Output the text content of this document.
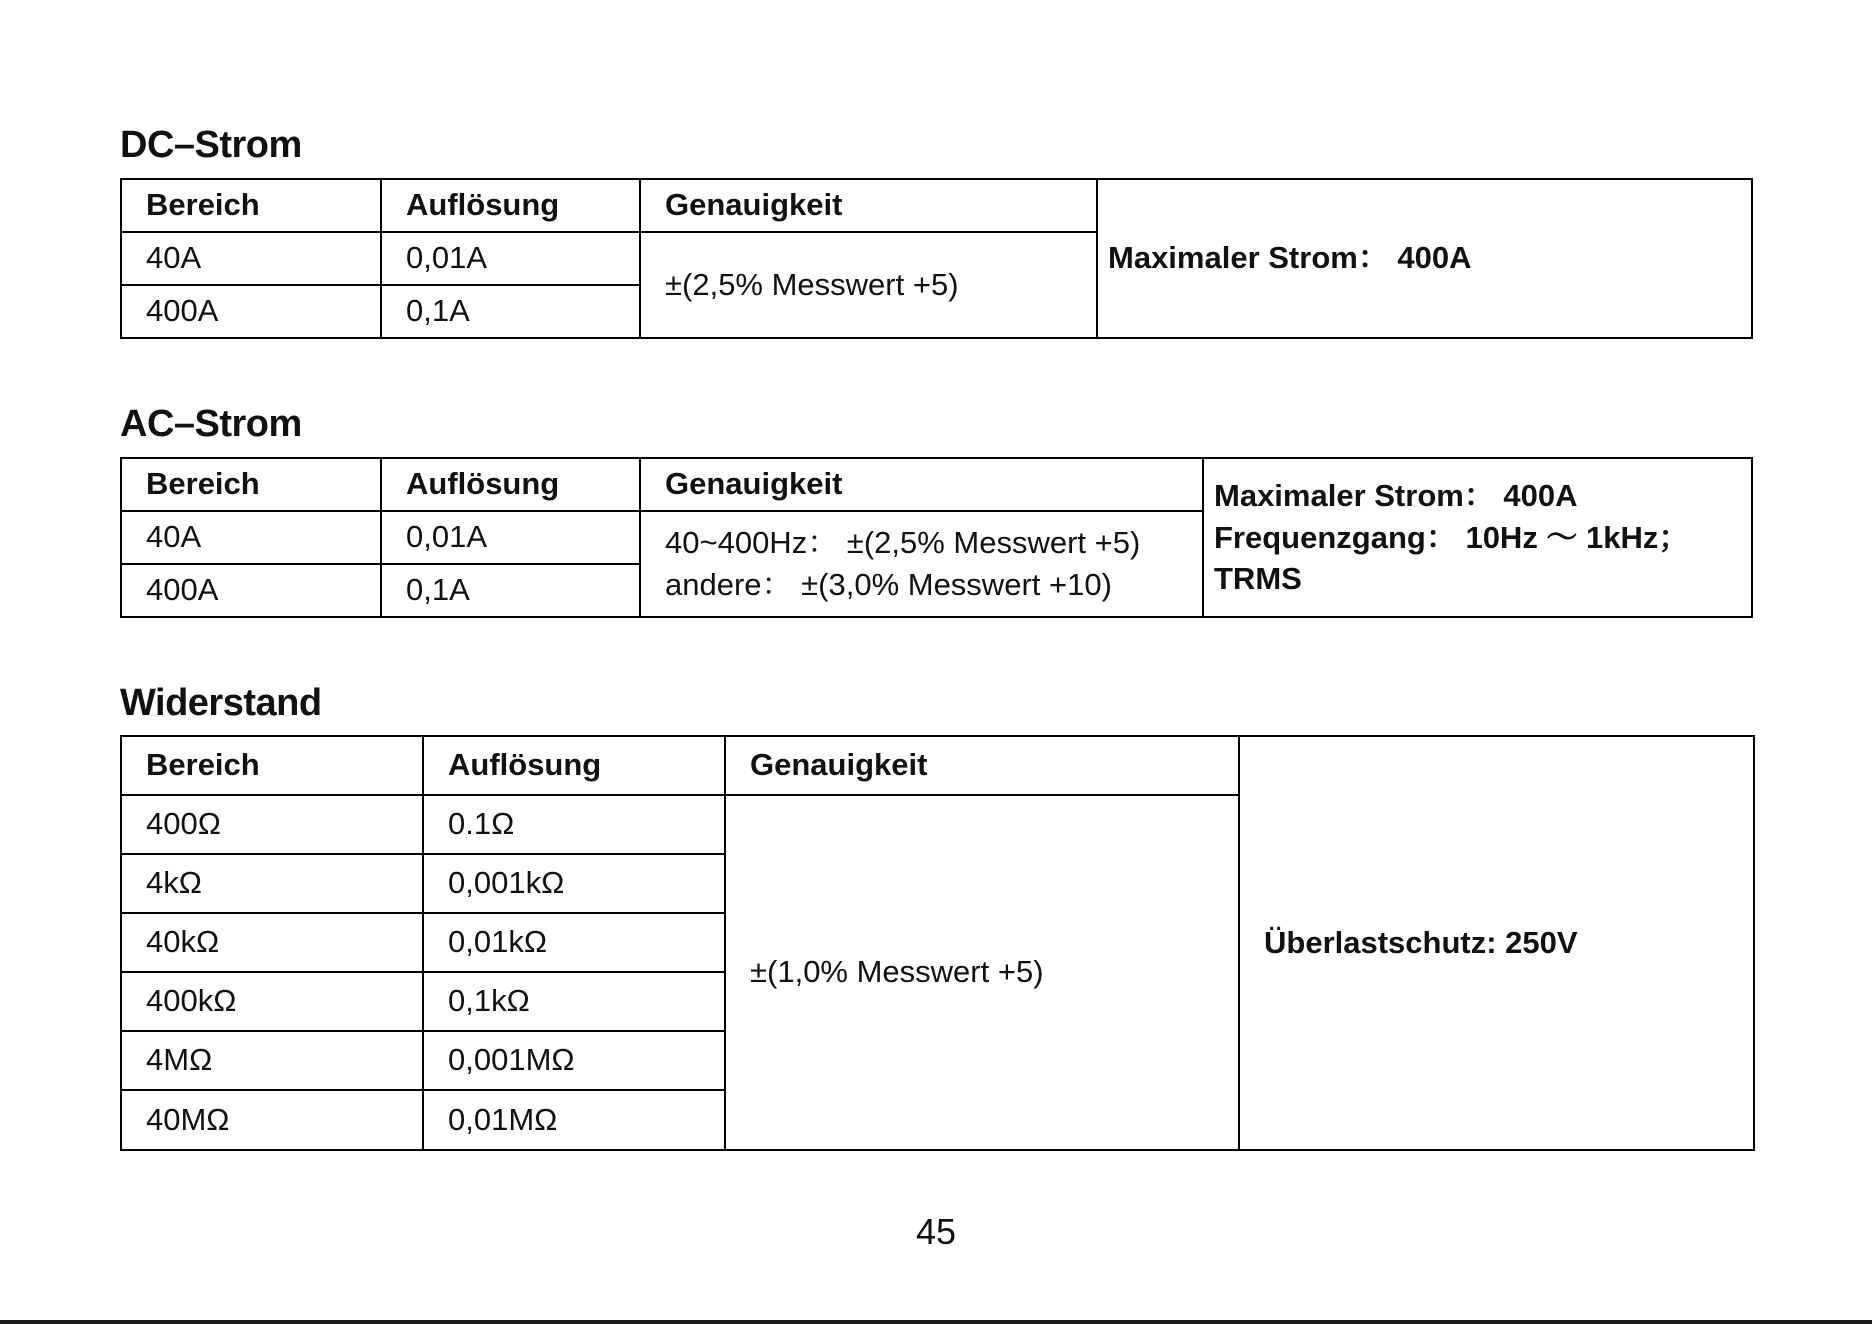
DC–Strom
Bereich	Auflösung	Genauigkeit	Maximaler Strom： 400A
40A	0,01A	±(2,5% Messwert +5)	
400A	0,1A		
AC–Strom
Bereich	Auflösung	Genauigkeit	Maximaler Strom： 400A
Frequenzgang： 10Hz ～ 1kHz；
TRMS

40A	0,01A	40~400Hz： ±(2,5% Messwert +5)
andere： ±(3,0% Messwert +10)	

400A	0,1A		
Widerstand
Bereich	Auflösung	Genauigkeit	Überlastschutz: 250V
400Ω	0.1Ω	±(1,0% Messwert +5)	
4kΩ	0,001kΩ		
40kΩ	0,01kΩ		
400kΩ	0,1kΩ		
4MΩ	0,001MΩ		
40MΩ	0,01MΩ		
45
